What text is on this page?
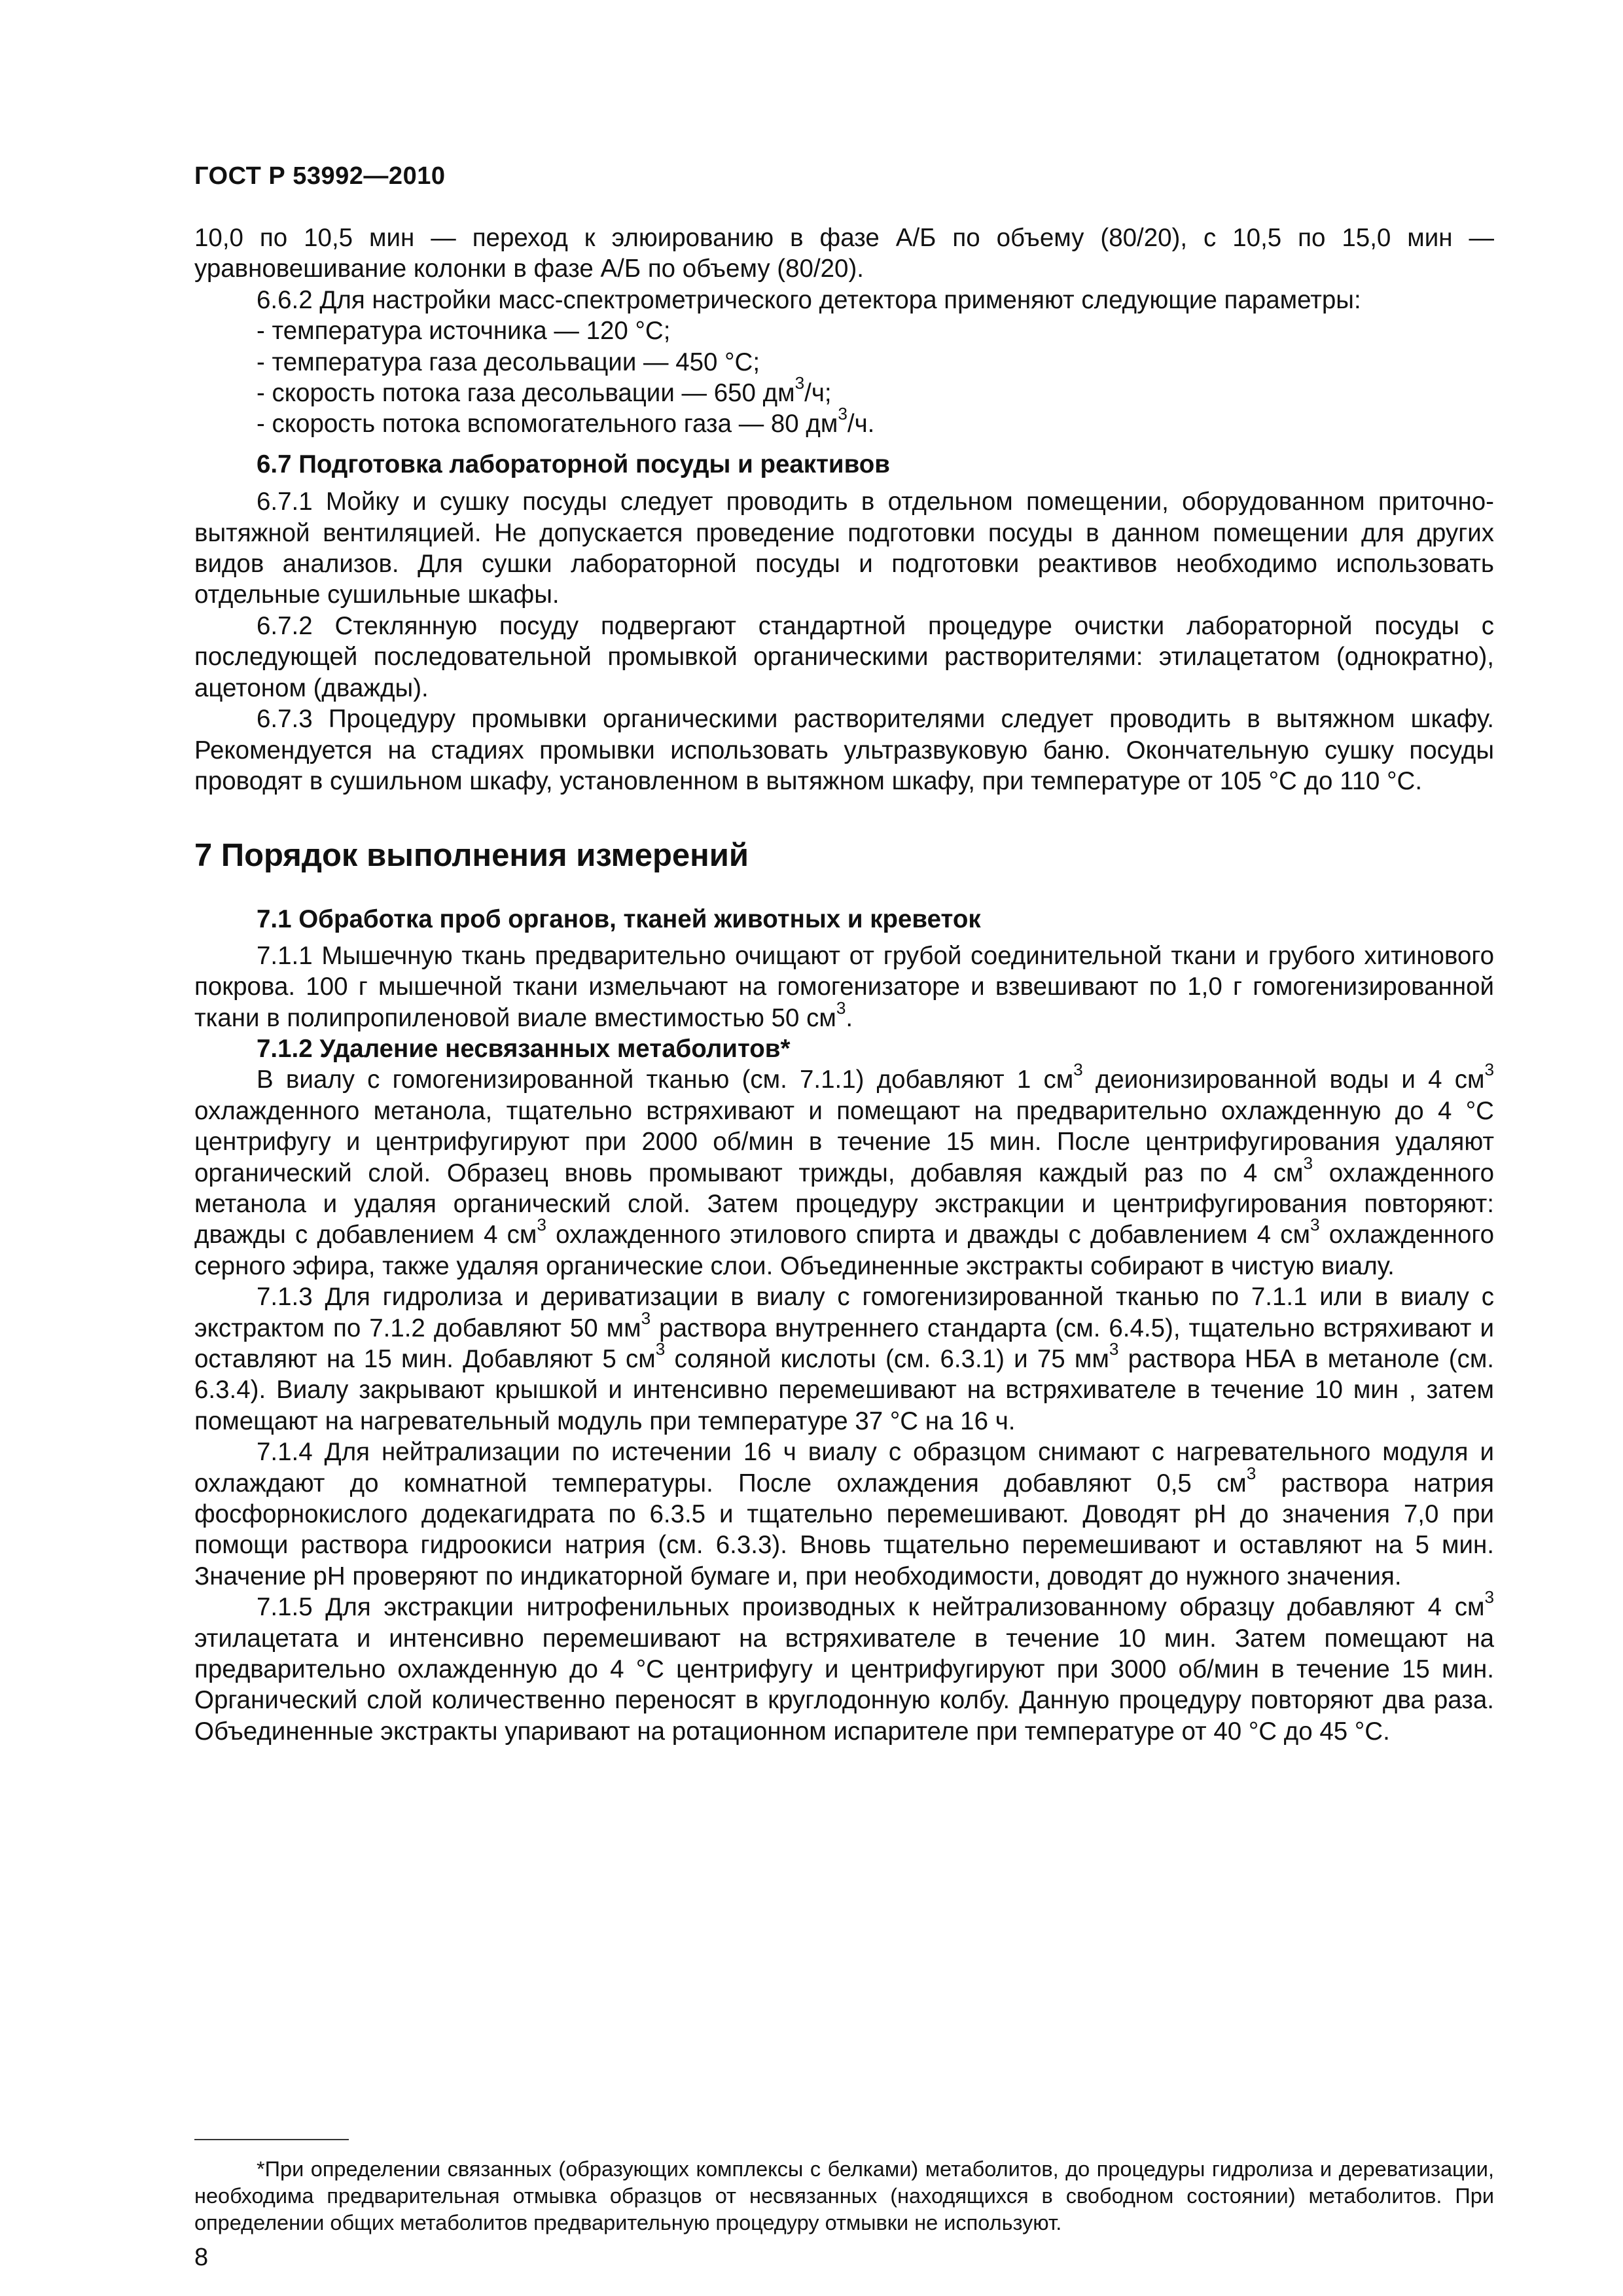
ГОСТ Р 53992—2010

10,0 по 10,5 мин — переход к элюированию в фазе А/Б по объему (80/20), с 10,5 по 15,0 мин — уравновешивание колонки в фазе А/Б по объему (80/20).

6.6.2 Для настройки масс-спектрометрического детектора применяют следующие параметры:

- температура источника — 120 °С;

- температура газа десольвации — 450 °С;

- скорость потока газа десольвации — 650 $дм^3/ч$;

- скорость потока вспомогательного газа — 80 $дм^3/ч$.

6.7 Подготовка лабораторной посуды и реактивов

6.7.1 Мойку и сушку посуды следует проводить в отдельном помещении, оборудованном приточно-вытяжной вентиляцией. Не допускается проведение подготовки посуды в данном помещении для других видов анализов. Для сушки лабораторной посуды и подготовки реактивов необходимо использовать отдельные сушильные шкафы.

6.7.2 Стеклянную посуду подвергают стандартной процедуре очистки лабораторной посуды с последующей последовательной промывкой органическими растворителями: этилацетатом (однократно), ацетоном (дважды).

6.7.3 Процедуру промывки органическими растворителями следует проводить в вытяжном шкафу. Рекомендуется на стадиях промывки использовать ультразвуковую баню. Окончательную сушку посуды проводят в сушильном шкафу, установленном в вытяжном шкафу, при температуре от 105 °С до 110 °С.

7 Порядок выполнения измерений

7.1 Обработка проб органов, тканей животных и креветок

7.1.1 Мышечную ткань предварительно очищают от грубой соединительной ткани и грубого хитинового покрова. 100 г мышечной ткани измельчают на гомогенизаторе и взвешивают по 1,0 г гомогенизированной ткани в полипропиленовой виале вместимостью 50 $см^3$.

7.1.2 Удаление несвязанных метаболитов*

В виалу с гомогенизированной тканью (см. 7.1.1) добавляют 1 $см^3$ деионизированной воды и 4 $см^3$ охлажденного метанола, тщательно встряхивают и помещают на предварительно охлажденную до 4 °С центрифугу и центрифугируют при 2000 об/мин в течение 15 мин. После центрифугирования удаляют органический слой. Образец вновь промывают трижды, добавляя каждый раз по 4 $см^3$ охлажденного метанола и удаляя органический слой. Затем процедуру экстракции и центрифугирования повторяют: дважды с добавлением 4 $см^3$ охлажденного этилового спирта и дважды с добавлением 4 $см^3$ охлажденного серного эфира, также удаляя органические слои. Объединенные экстракты собирают в чистую виалу.

7.1.3 Для гидролиза и дериватизации в виалу с гомогенизированной тканью по 7.1.1 или в виалу с экстрактом по 7.1.2 добавляют 50 $мм^3$ раствора внутреннего стандарта (см. 6.4.5), тщательно встряхивают и оставляют на 15 мин. Добавляют 5 $см^3$ соляной кислоты (см. 6.3.1) и 75 $мм^3$ раствора НБА в метаноле (см. 6.3.4). Виалу закрывают крышкой и интенсивно перемешивают на встряхивателе в течение 10 мин , затем помещают на нагревательный модуль при температуре 37 °С на 16 ч.

7.1.4 Для нейтрализации по истечении 16 ч виалу с образцом снимают с нагревательного модуля и охлаждают до комнатной температуры. После охлаждения добавляют 0,5 $см^3$ раствора натрия фосфорнокислого додекагидрата по 6.3.5 и тщательно перемешивают. Доводят рН до значения 7,0 при помощи раствора гидроокиси натрия (см. 6.3.3). Вновь тщательно перемешивают и оставляют на 5 мин. Значение рН проверяют по индикаторной бумаге и, при необходимости, доводят до нужного значения.

7.1.5 Для экстракции нитрофенильных производных к нейтрализованному образцу добавляют 4 $см^3$ этилацетата и интенсивно перемешивают на встряхивателе в течение 10 мин. Затем помещают на предварительно охлажденную до 4 °С центрифугу и центрифугируют при 3000 об/мин в течение 15 мин. Органический слой количественно переносят в круглодонную колбу. Данную процедуру повторяют два раза. Объединенные экстракты упаривают на ротационном испарителе при температуре от 40 °С до 45 °С.

*При определении связанных (образующих комплексы с белками) метаболитов, до процедуры гидролиза и дереватизации, необходима предварительная отмывка образцов от несвязанных (находящихся в свободном состоянии) метаболитов. При определении общих метаболитов предварительную процедуру отмывки не используют.

8
